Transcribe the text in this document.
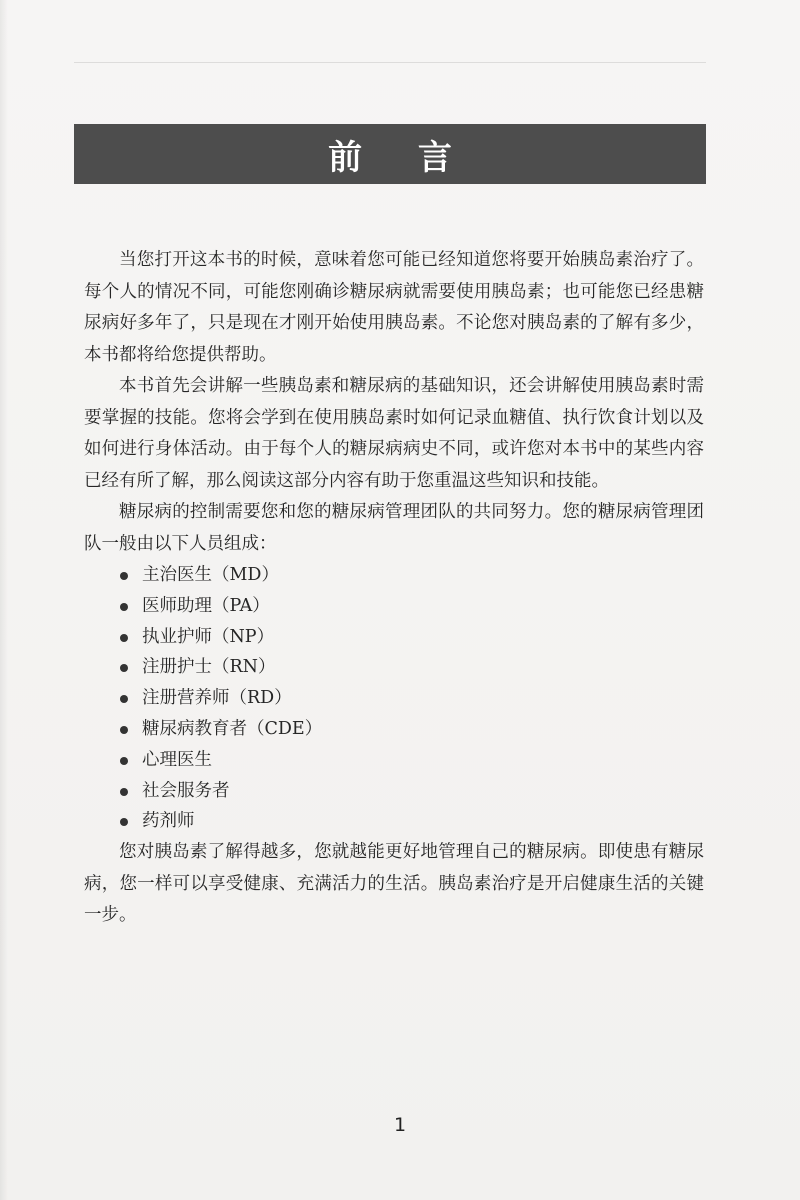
前 言

当您打开这本书的时候，意味着您可能已经知道您将要开始胰岛素治疗了。每个人的情况不同，可能您刚确诊糖尿病就需要使用胰岛素；也可能您已经患糖尿病好多年了，只是现在才刚开始使用胰岛素。不论您对胰岛素的了解有多少，本书都将给您提供帮助。

本书首先会讲解一些胰岛素和糖尿病的基础知识，还会讲解使用胰岛素时需要掌握的技能。您将会学到在使用胰岛素时如何记录血糖值、执行饮食计划以及如何进行身体活动。由于每个人的糖尿病病史不同，或许您对本书中的某些内容已经有所了解，那么阅读这部分内容有助于您重温这些知识和技能。

糖尿病的控制需要您和您的糖尿病管理团队的共同努力。您的糖尿病管理团队一般由以下人员组成：

主治医生（MD）
医师助理（PA）
执业护师（NP）
注册护士（RN）
注册营养师（RD）
糖尿病教育者（CDE）
心理医生
社会服务者
药剂师

您对胰岛素了解得越多，您就越能更好地管理自己的糖尿病。即使患有糖尿病，您一样可以享受健康、充满活力的生活。胰岛素治疗是开启健康生活的关键一步。

1
